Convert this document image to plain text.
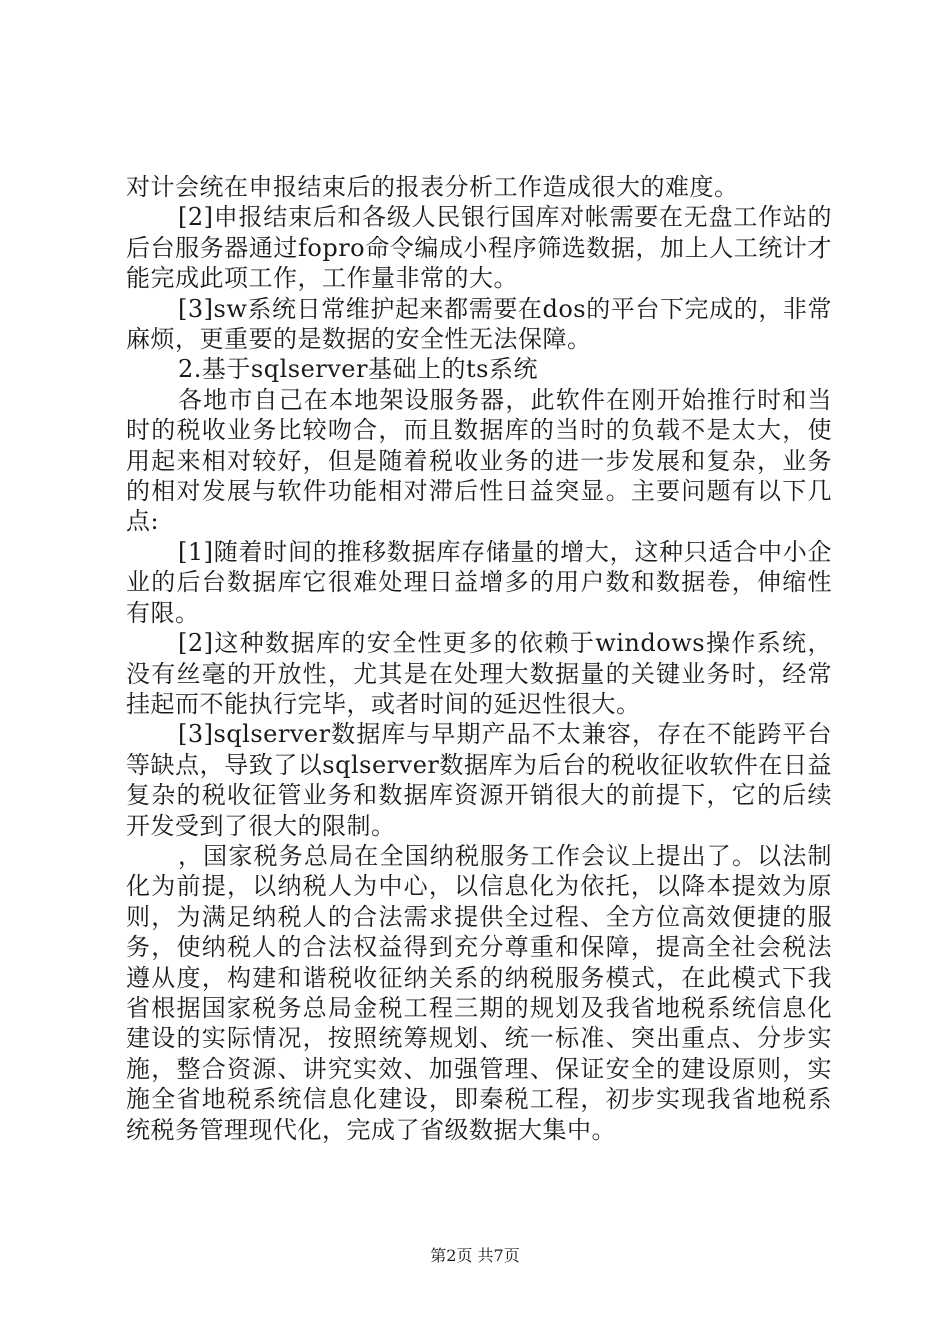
对计会统在申报结束后的报表分析工作造成很大的难度。

[2]申报结束后和各级人民银行国库对帐需要在无盘工作站的后台服务器通过fopro命令编成小程序筛选数据，加上人工统计才能完成此项工作，工作量非常的大。

[3]sw系统日常维护起来都需要在dos的平台下完成的，非常麻烦，更重要的是数据的安全性无法保障。

2.基于sqlserver基础上的ts系统

各地市自己在本地架设服务器，此软件在刚开始推行时和当时的税收业务比较吻合，而且数据库的当时的负载不是太大，使用起来相对较好，但是随着税收业务的进一步发展和复杂，业务的相对发展与软件功能相对滞后性日益突显。主要问题有以下几点:

[1]随着时间的推移数据库存储量的增大，这种只适合中小企业的后台数据库它很难处理日益增多的用户数和数据卷，伸缩性有限。

[2]这种数据库的安全性更多的依赖于windows操作系统，没有丝毫的开放性，尤其是在处理大数据量的关键业务时，经常挂起而不能执行完毕，或者时间的延迟性很大。

[3]sqlserver数据库与早期产品不太兼容，存在不能跨平台等缺点，导致了以sqlserver数据库为后台的税收征收软件在日益复杂的税收征管业务和数据库资源开销很大的前提下，它的后续开发受到了很大的限制。

，国家税务总局在全国纳税服务工作会议上提出了。以法制化为前提，以纳税人为中心，以信息化为依托，以降本提效为原则，为满足纳税人的合法需求提供全过程、全方位高效便捷的服务，使纳税人的合法权益得到充分尊重和保障，提高全社会税法遵从度，构建和谐税收征纳关系的纳税服务模式，在此模式下我省根据国家税务总局金税工程三期的规划及我省地税系统信息化建设的实际情况，按照统筹规划、统一标准、突出重点、分步实施，整合资源、讲究实效、加强管理、保证安全的建设原则，实施全省地税系统信息化建设，即秦税工程，初步实现我省地税系统税务管理现代化，完成了省级数据大集中。

第2页 共7页
